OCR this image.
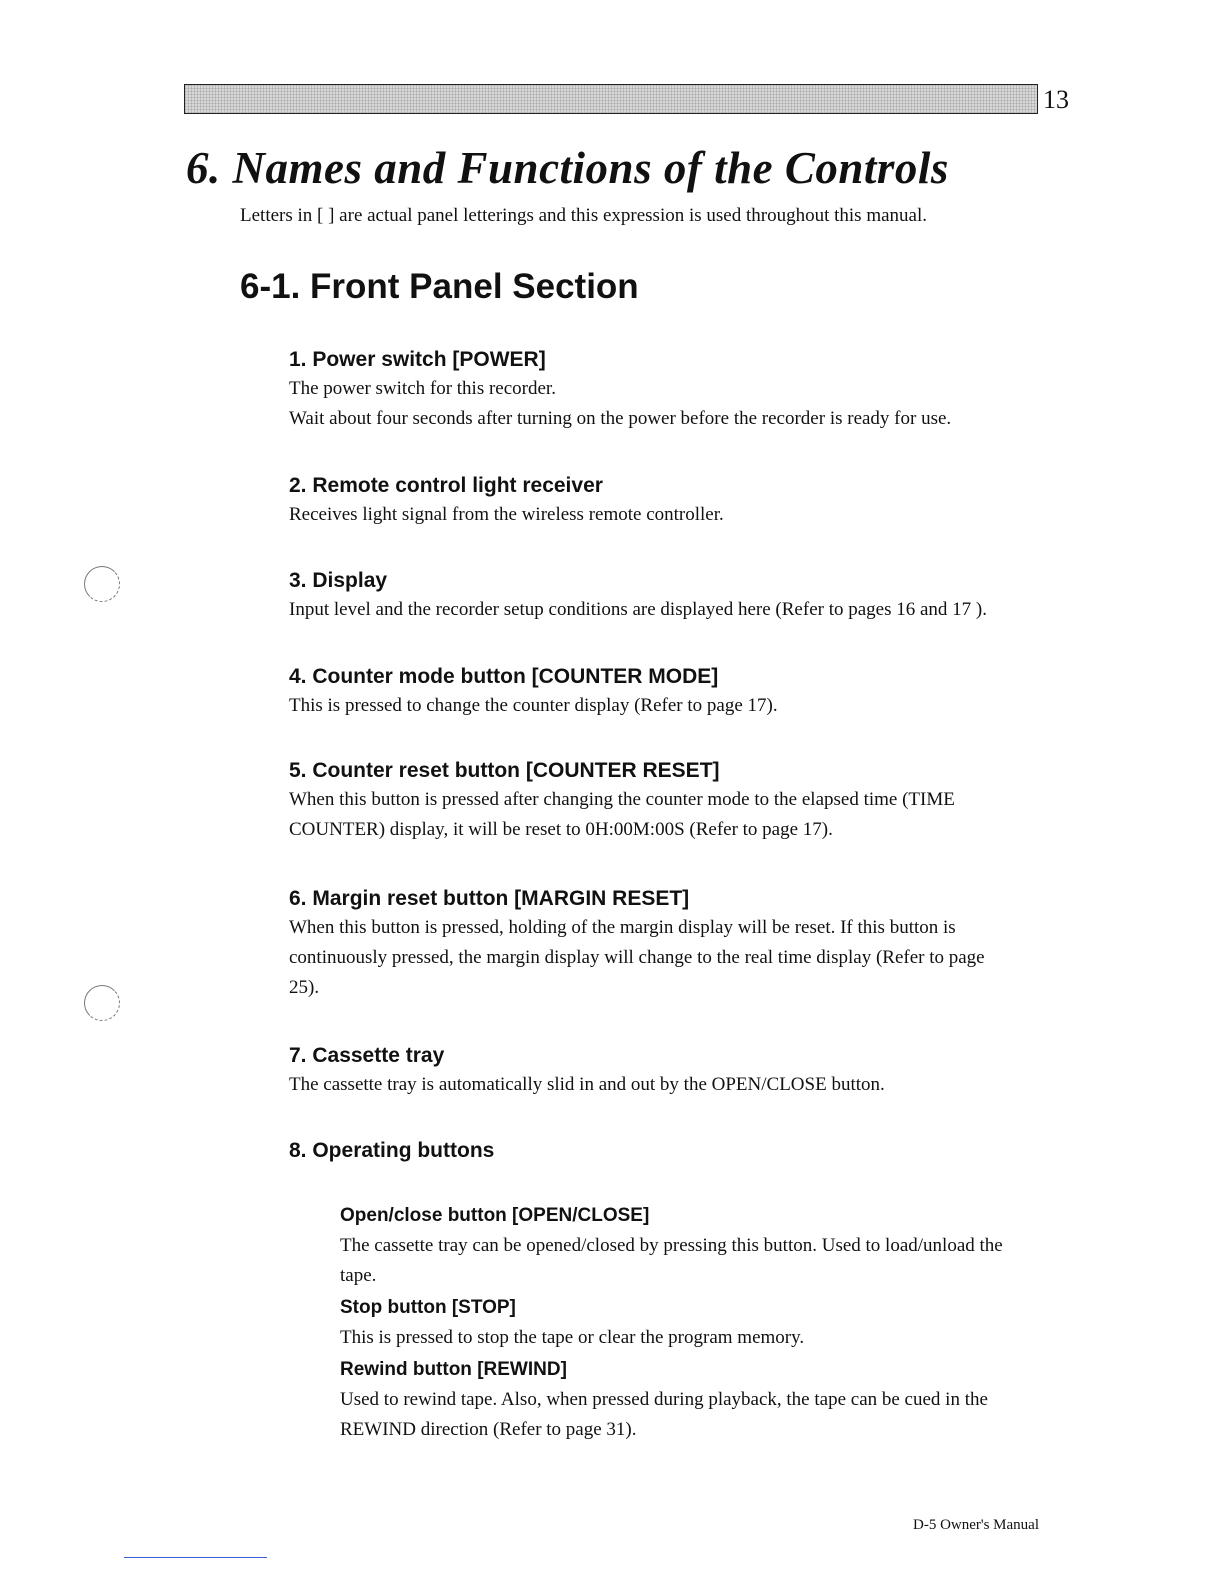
13
6. Names and Functions of the Controls

Letters in [ ] are actual panel letterings and this expression is used throughout this manual.

6-1. Front Panel Section
1. Power switch [POWER]

The power switch for this recorder.

Wait about four seconds after turning on the power before the recorder is ready for use.

2. Remote control light receiver

Receives light signal from the wireless remote controller.

3. Display

Input level and the recorder setup conditions are displayed here (Refer to pages 16 and 17 ).

4. Counter mode button [COUNTER MODE]

This is pressed to change the counter display (Refer to page 17).

5. Counter reset button [COUNTER RESET]

When this button is pressed after changing the counter mode to the elapsed time (TIME

COUNTER) display, it will be reset to 0H:00M:00S (Refer to page 17).

6. Margin reset button [MARGIN RESET]

When this button is pressed, holding of the margin display will be reset. If this button is

continuously pressed, the margin display will change to the real time display (Refer to page

25).

7. Cassette tray

The cassette tray is automatically slid in and out by the OPEN/CLOSE button.

8. Operating buttons
Open/close button [OPEN/CLOSE]

The cassette tray can be opened/closed by pressing this button. Used to load/unload the

tape.

Stop button [STOP]

This is pressed to stop the tape or clear the program memory.

Rewind button [REWIND]

Used to rewind tape. Also, when pressed during playback, the tape can be cued in the

REWIND direction (Refer to page 31).

D-5 Owner's Manual
